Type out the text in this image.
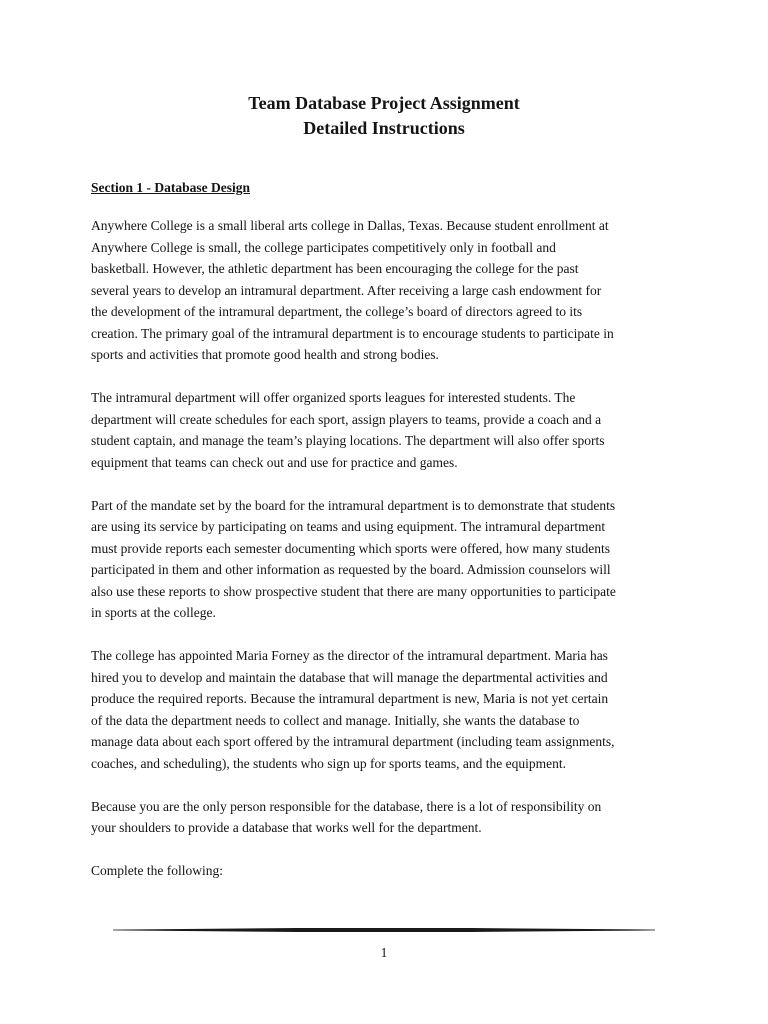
Team Database Project Assignment
Detailed Instructions
Section 1 - Database Design
Anywhere College is a small liberal arts college in Dallas, Texas. Because student enrollment at
Anywhere College is small, the college participates competitively only in football and
basketball. However, the athletic department has been encouraging the college for the past
several years to develop an intramural department. After receiving a large cash endowment for
the development of the intramural department, the college’s board of directors agreed to its
creation. The primary goal of the intramural department is to encourage students to participate in
sports and activities that promote good health and strong bodies.
The intramural department will offer organized sports leagues for interested students. The
department will create schedules for each sport, assign players to teams, provide a coach and a
student captain, and manage the team’s playing locations. The department will also offer sports
equipment that teams can check out and use for practice and games.
Part of the mandate set by the board for the intramural department is to demonstrate that students
are using its service by participating on teams and using equipment. The intramural department
must provide reports each semester documenting which sports were offered, how many students
participated in them and other information as requested by the board. Admission counselors will
also use these reports to show prospective student that there are many opportunities to participate
in sports at the college.
The college has appointed Maria Forney as the director of the intramural department. Maria has
hired you to develop and maintain the database that will manage the departmental activities and
produce the required reports. Because the intramural department is new, Maria is not yet certain
of the data the department needs to collect and manage. Initially, she wants the database to
manage data about each sport offered by the intramural department (including team assignments,
coaches, and scheduling), the students who sign up for sports teams, and the equipment.
Because you are the only person responsible for the database, there is a lot of responsibility on
your shoulders to provide a database that works well for the department.
Complete the following:
1
